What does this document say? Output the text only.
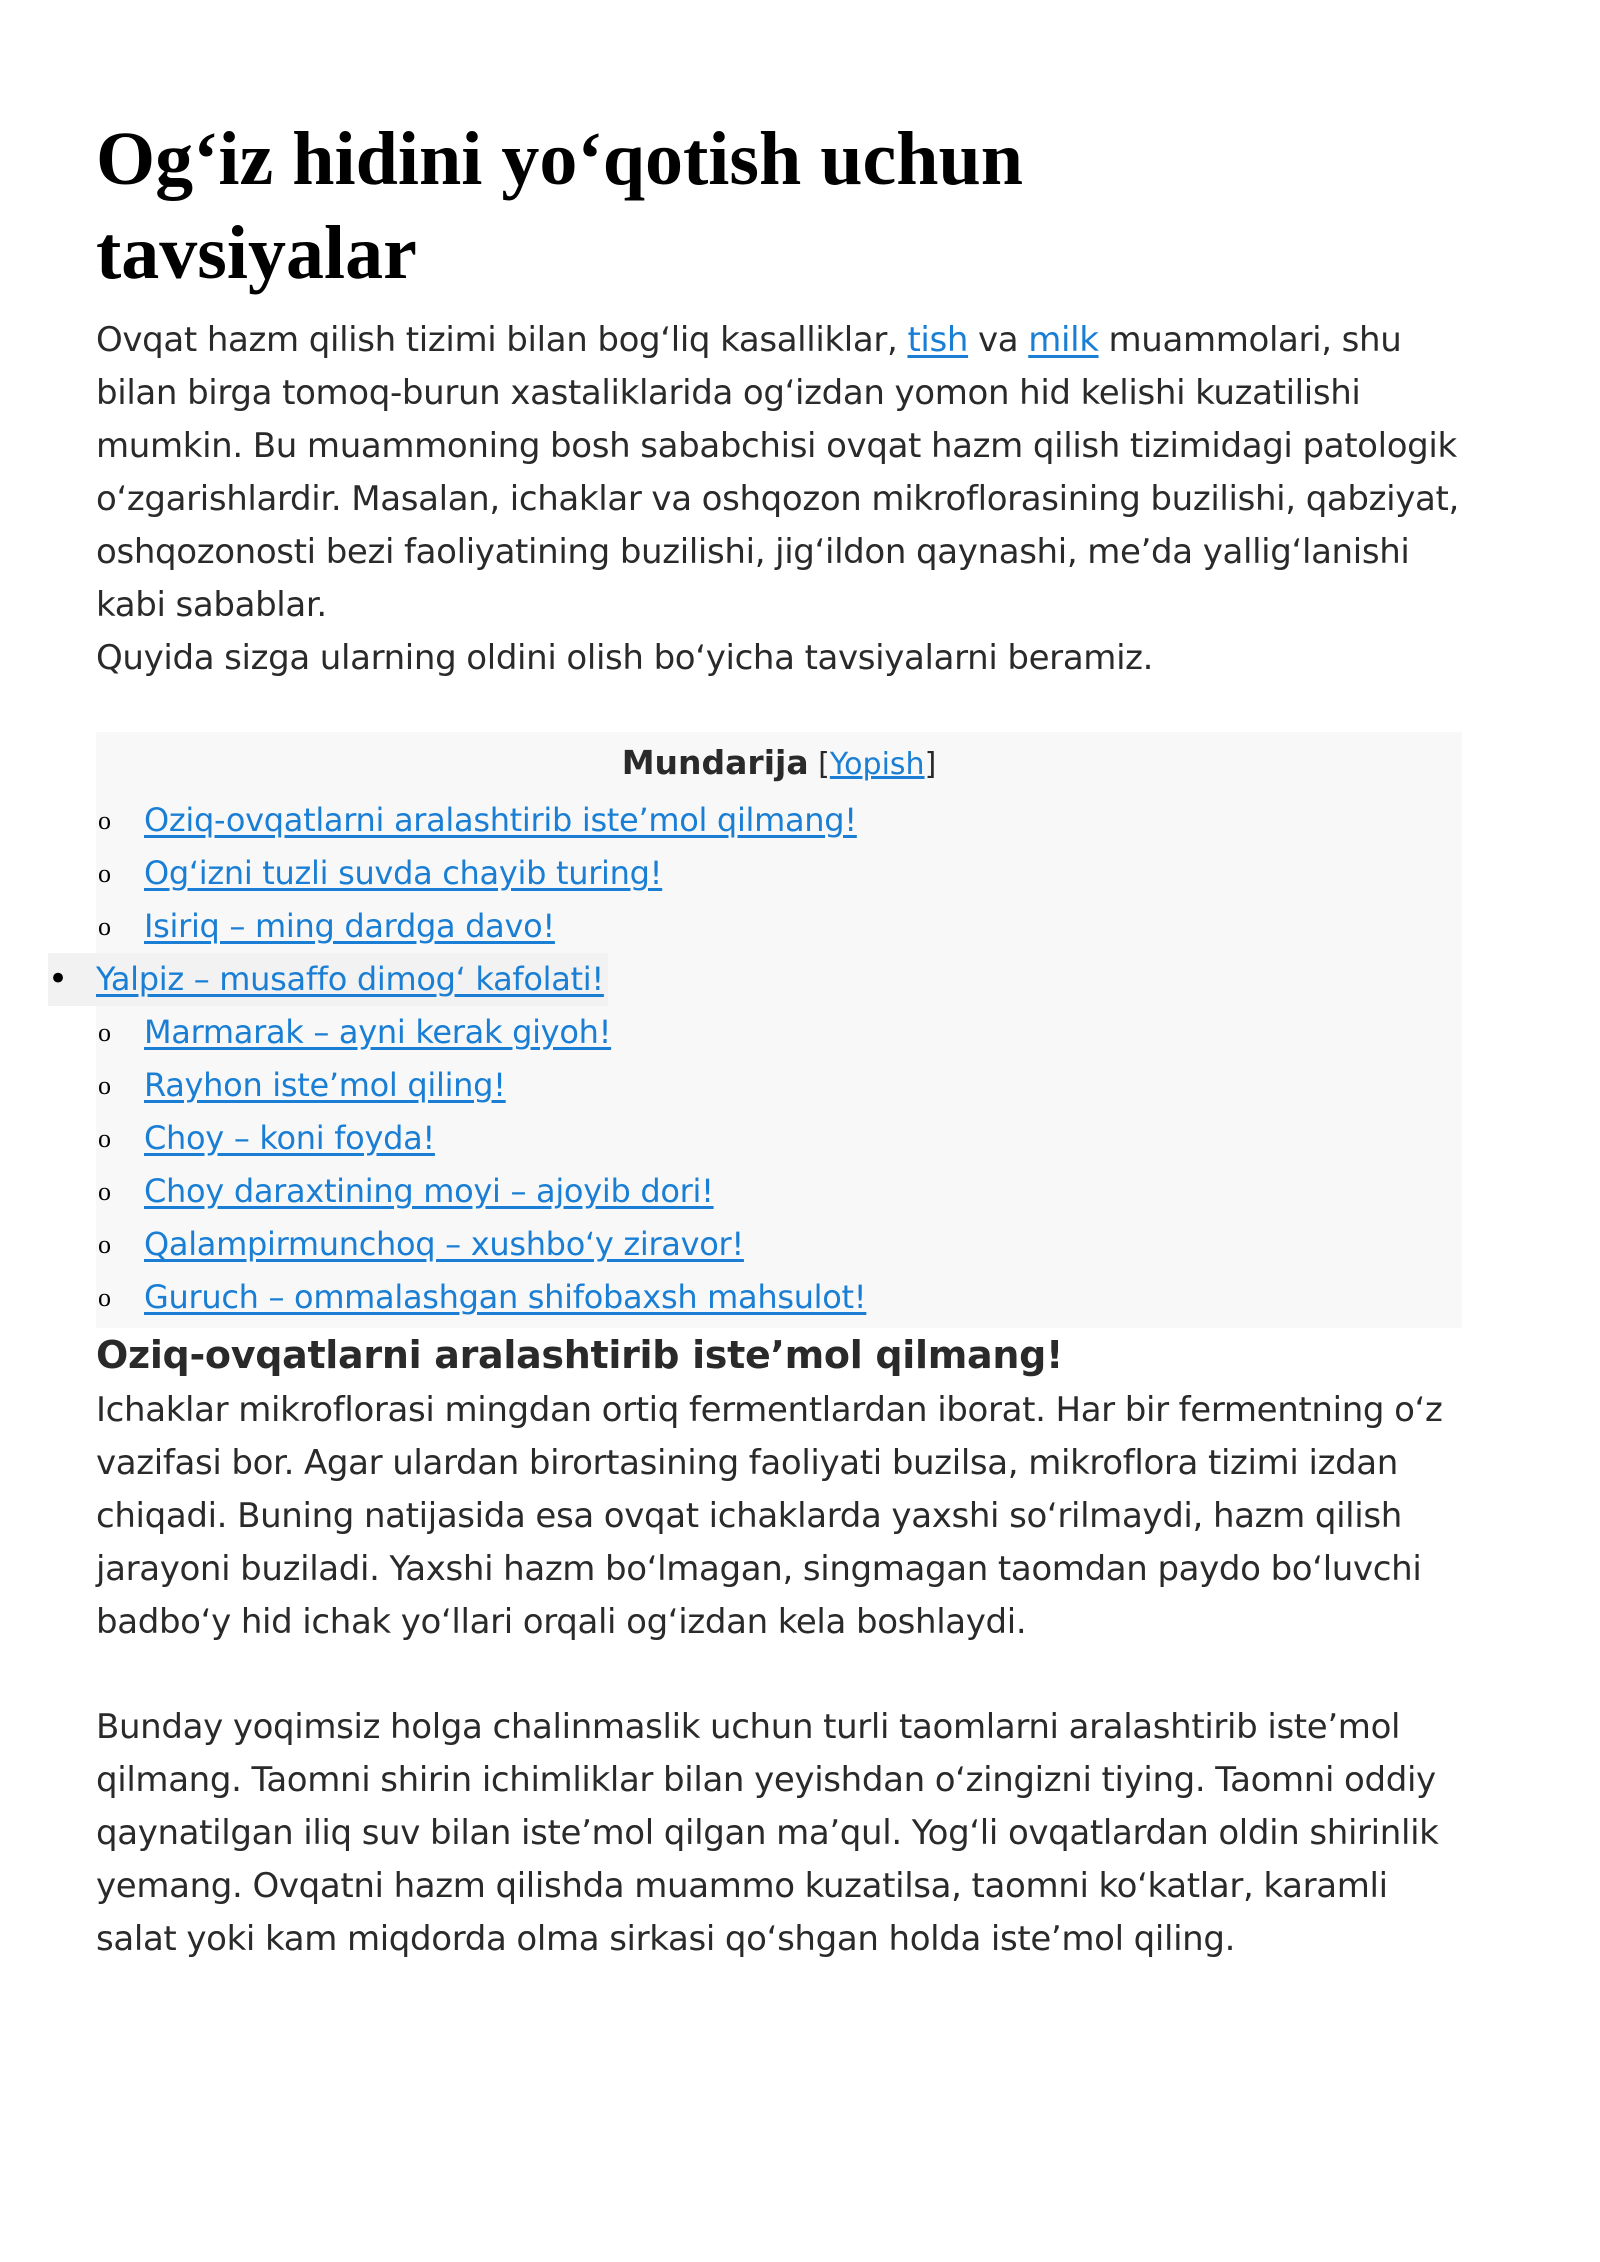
Og‘iz hidini yo‘qotish uchun tavsiyalar

Ovqat hazm qilish tizimi bilan bog‘liq kasalliklar, tish va milk muammolari, shu bilan birga tomoq-burun xastaliklarida og‘izdan yomon hid kelishi kuzatilishi mumkin. Bu muammoning bosh sababchisi ovqat hazm qilish tizimidagi patologik o‘zgarishlardir. Masalan, ichaklar va oshqozon mikroflorasining buzilishi, qabziyat, oshqozonosti bezi faoliyatining buzilishi, jig‘ildon qaynashi, me’da yallig‘lanishi kabi sabablar.
Quyida sizga ularning oldini olish bo‘yicha tavsiyalarni beramiz.

Mundarija [Yopish]
o Oziq-ovqatlarni aralashtirib iste’mol qilmang!
o Og‘izni tuzli suvda chayib turing!
o Isiriq – ming dardga davo!
• Yalpiz – musaffo dimog‘ kafolati!
o Marmarak – ayni kerak giyoh!
o Rayhon iste’mol qiling!
o Choy – koni foyda!
o Choy daraxtining moyi – ajoyib dori!
o Qalampirmunchoq – xushbo‘y ziravor!
o Guruch – ommalashgan shifobaxsh mahsulot!
Oziq-ovqatlarni aralashtirib iste’mol qilmang!

Ichaklar mikroflorasi mingdan ortiq fermentlardan iborat. Har bir fermentning o‘z vazifasi bor. Agar ulardan birortasining faoliyati buzilsa, mikroflora tizimi izdan chiqadi. Buning natijasida esa ovqat ichaklarda yaxshi so‘rilmaydi, hazm qilish jarayoni buziladi. Yaxshi hazm bo‘lmagan, singmagan taomdan paydo bo‘luvchi badbo‘y hid ichak yo‘llari orqali og‘izdan kela boshlaydi.

Bunday yoqimsiz holga chalinmaslik uchun turli taomlarni aralashtirib iste’mol qilmang. Taomni shirin ichimliklar bilan yeyishdan o‘zingizni tiying. Taomni oddiy qaynatilgan iliq suv bilan iste’mol qilgan ma’qul. Yog‘li ovqatlardan oldin shirinlik yemang. Ovqatni hazm qilishda muammo kuzatilsa, taomni ko‘katlar, karamli salat yoki kam miqdorda olma sirkasi qo‘shgan holda iste’mol qiling.
